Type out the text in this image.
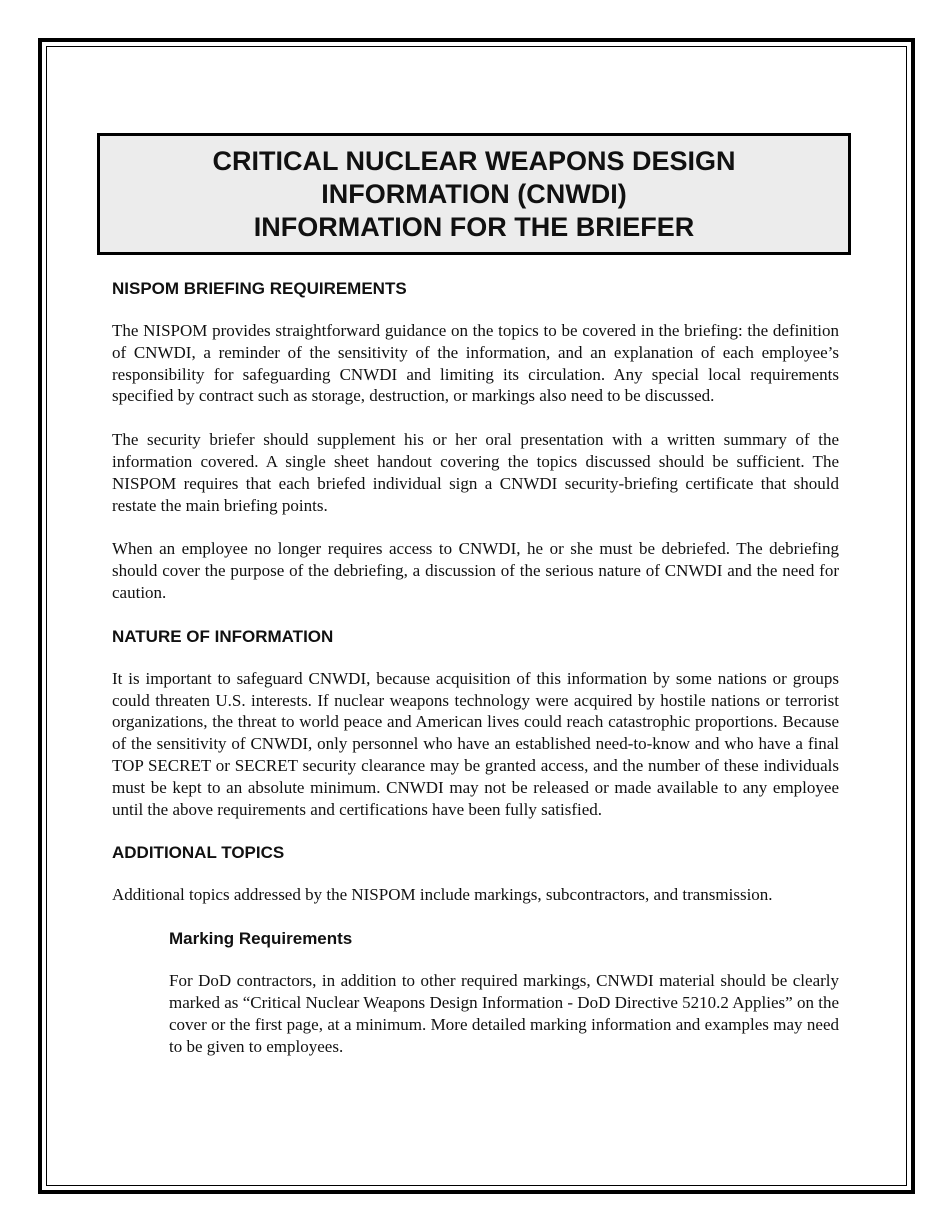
CRITICAL NUCLEAR WEAPONS DESIGN
INFORMATION (CNWDI)
INFORMATION FOR THE BRIEFER
NISPOM BRIEFING REQUIREMENTS

The NISPOM provides straightforward guidance on the topics to be covered in the briefing: the definition of CNWDI, a reminder of the sensitivity of the information, and an explanation of each employee’s responsibility for safeguarding CNWDI and limiting its circulation. Any special local requirements specified by contract such as storage, destruction, or markings also need to be discussed.

The security briefer should supplement his or her oral presentation with a written summary of the information covered. A single sheet handout covering the topics discussed should be sufficient. The NISPOM requires that each briefed individual sign a CNWDI security-briefing certificate that should restate the main briefing points.

When an employee no longer requires access to CNWDI, he or she must be debriefed. The debriefing should cover the purpose of the debriefing, a discussion of the serious nature of CNWDI and the need for caution.

NATURE OF INFORMATION

It is important to safeguard CNWDI, because acquisition of this information by some nations or groups could threaten U.S. interests. If nuclear weapons technology were acquired by hostile nations or terrorist organizations, the threat to world peace and American lives could reach catastrophic proportions. Because of the sensitivity of CNWDI, only personnel who have an established need-to-know and who have a final TOP SECRET or SECRET security clearance may be granted access, and the number of these individuals must be kept to an absolute minimum. CNWDI may not be released or made available to any employee until the above requirements and certifications have been fully satisfied.

ADDITIONAL TOPICS

Additional topics addressed by the NISPOM include markings, subcontractors, and transmission.

Marking Requirements

For DoD contractors, in addition to other required markings, CNWDI material should be clearly marked as “Critical Nuclear Weapons Design Information - DoD Directive 5210.2 Applies” on the cover or the first page, at a minimum. More detailed marking information and examples may need to be given to employees.
